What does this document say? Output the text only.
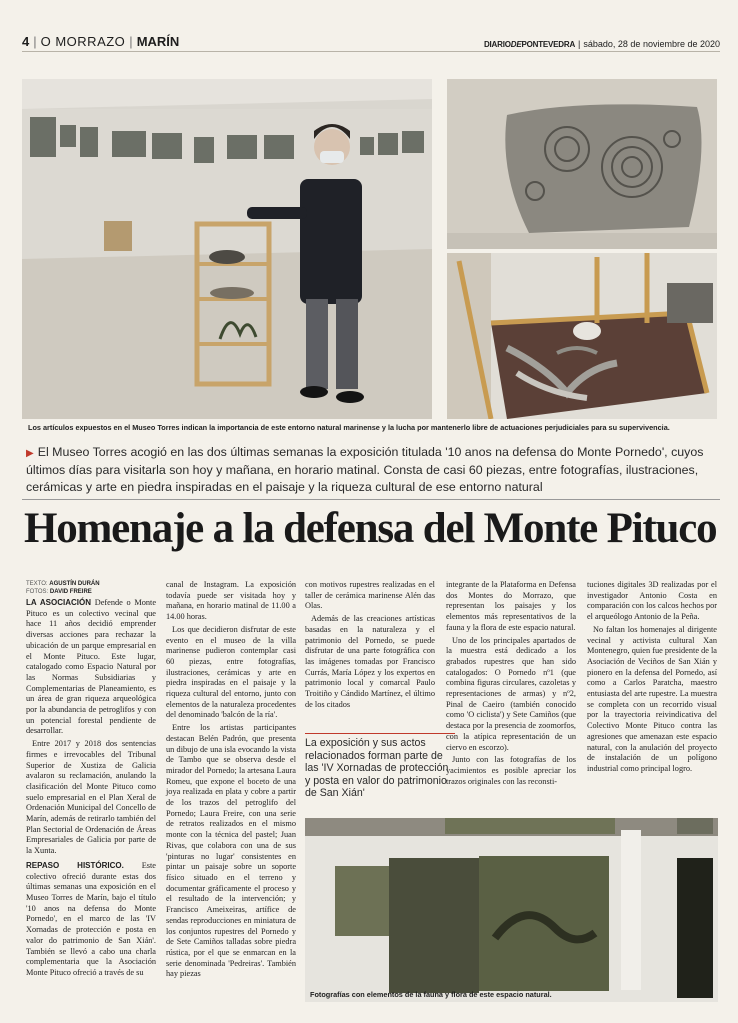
4 | O MORRAZO | MARÍN	DIARIODEPONTEVEDRA | sábado, 28 de noviembre de 2020
Los artículos expuestos en el Museo Torres indican la importancia de este entorno natural marinense y la lucha por mantenerlo libre de actuaciones perjudiciales para su supervivencia.
▶ El Museo Torres acogió en las dos últimas semanas la exposición titulada '10 anos na defensa do Monte Pornedo', cuyos últimos días para visitarla son hoy y mañana, en horario matinal. Consta de casi 60 piezas, entre fotografías, ilustraciones, cerámicas y arte en piedra inspiradas en el paisaje y la riqueza cultural de ese entorno natural
Homenaje a la defensa del Monte Pituco
TEXTO: AGUSTÍN DURÁN
FOTOS: DAVID FREIRE

LA ASOCIACIÓN Defende o Monte Pituco es un colectivo vecinal que hace 11 años decidió emprender diversas acciones para rechazar la ubicación de un parque empresarial en el Monte Pituco. Este lugar, catalogado como Espacio Natural por las Normas Subsidiarias y Complementarias de Planeamiento, es un área de gran riqueza arqueológica por la abundancia de petroglifos y con un potencial forestal pendiente de desarrollar.

Entre 2017 y 2018 dos sentencias firmes e irrevocables del Tribunal Superior de Xustiza de Galicia avalaron su reclamación, anulando la clasificación del Monte Pituco como suelo empresarial en el Plan Xeral de Ordenación Municipal del Concello de Marín, además de retirarlo también del Plan Sectorial de Ordenación de Áreas Empresariales de Galicia por parte de la Xunta.

REPASO HISTÓRICO. Este colectivo ofreció durante estas dos últimas semanas una exposición en el Museo Torres de Marín, bajo el título '10 anos na defensa do Monte Pornedo', en el marco de las 'IV Xornadas de protección e posta en valor do patrimonio de San Xián'. También se llevó a cabo una charla complementaria que la Asociación Monte Pituco ofreció a través de su

canal de Instagram. La exposición todavía puede ser visitada hoy y mañana, en horario matinal de 11.00 a 14.00 horas.

Los que decidieron disfrutar de este evento en el museo de la villa marinense pudieron contemplar casi 60 piezas, entre fotografías, ilustraciones, cerámicas y arte en piedra inspiradas en el paisaje y la riqueza cultural del entorno, junto con elementos de la naturaleza procedentes del denominado 'balcón de la ría'.

Entre los artistas participantes destacan Belén Padrón, que presenta un dibujo de una isla evocando la vista de Tambo que se observa desde el mirador del Pornedo; la artesana Laura Romeu, que expone el boceto de una joya realizada en plata y cobre a partir de los trazos del petroglifo del Pornedo; Laura Freire, con una serie de retratos realizados en el mismo monte con la técnica del pastel; Juan Rivas, que colabora con una de sus 'pinturas no lugar' consistentes en pintar un paisaje sobre un soporte físico situado en el terreno y documentar gráficamente el proceso y el resultado de la intervención; y Francisco Ameixeiras, artífice de sendas reproducciones en miniatura de los conjuntos rupestres del Pornedo y de Sete Camiños talladas sobre piedra rústica, por el que se enmarcan en la serie denominada 'Pedreiras'. También hay piezas

con motivos rupestres realizadas en el taller de cerámica marinense Alén das Olas.

Además de las creaciones artísticas basadas en la naturaleza y el patrimonio del Pornedo, se puede disfrutar de una parte fotográfica con las imágenes tomadas por Francisco Currás, María López y los expertos en patrimonio local y comarcal Paulo Troitiño y Cándido Martínez, el último de los citados

La exposición y sus actos relacionados forman parte de las 'IV Xornadas de protección y posta en valor do patrimonio de San Xián'

integrante de la Plataforma en Defensa dos Montes do Morrazo, que representan los paisajes y los elementos más representativos de la fauna y la flora de este espacio natural.

Uno de los principales apartados de la muestra está dedicado a los grabados rupestres que han sido catalogados: O Pornedo nº1 (que combina figuras circulares, cazoletas y representaciones de armas) y nº2, Pinal de Caeiro (también conocido como 'O ciclista') y Sete Camiños (que destaca por la presencia de zoomorfos, con la atípica representación de un ciervo en escorzo).

Junto con las fotografías de los yacimientos es posible apreciar los trazos originales con las reconsti-

tuciones digitales 3D realizadas por el investigador Antonio Costa en comparación con los calcos hechos por el arqueólogo Antonio de la Peña.

No faltan los homenajes al dirigente vecinal y activista cultural Xan Montenegro, quien fue presidente de la Asociación de Veciños de San Xián y pionero en la defensa del Pornedo, así como a Carlos Paratcha, maestro entusiasta del arte rupestre. La muestra se completa con un recorrido visual por la trayectoria reivindicativa del Colectivo Monte Pituco contra las agresiones que amenazan este espacio natural, con la anulación del proyecto de instalación de un polígono industrial como principal logro.

Fotografías con elementos de la fauna y flora de este espacio natural.
